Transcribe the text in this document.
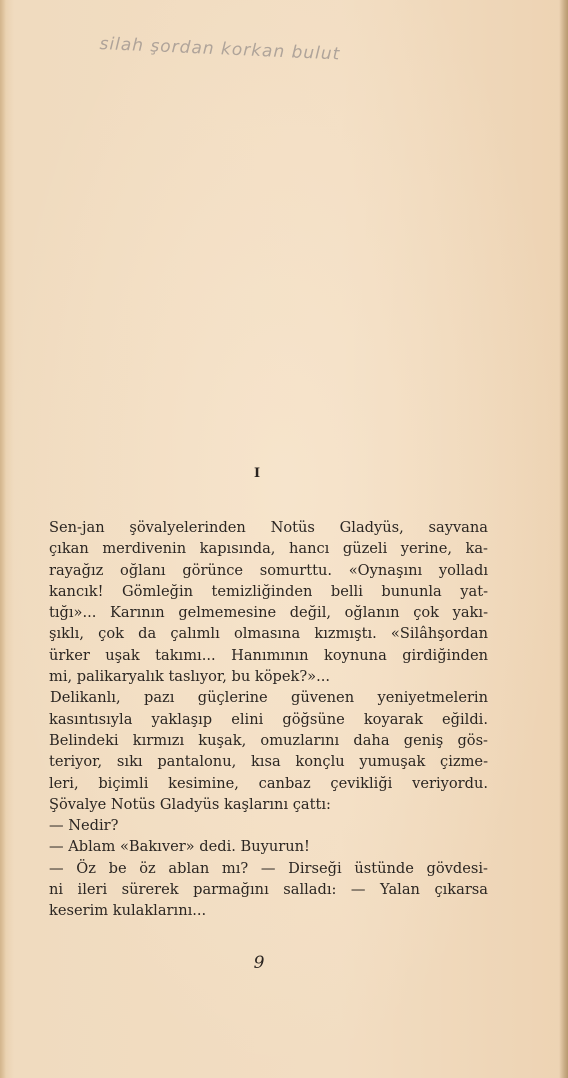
silah şordan korkan bulut
I
Sen-jan şövalyelerinden Notüs Gladyüs, sayvana
çıkan merdivenin kapısında, hancı güzeli yerine, ka-
rayağız oğlanı görünce somurttu. «Oynaşını yolladı
kancık! Gömleğin temizliğinden belli bununla yat-
tığı»... Karının gelmemesine değil, oğlanın çok yakı-
şıklı, çok da çalımlı olmasına kızmıştı. «Silâhşordan
ürker uşak takımı... Hanımının koynuna girdiğinden
mi, palikaryalık taslıyor, bu köpek?»...
Delikanlı, pazı güçlerine güvenen yeniyetmelerin
kasıntısıyla yaklaşıp elini göğsüne koyarak eğildi.
Belindeki kırmızı kuşak, omuzlarını daha geniş gös-
teriyor, sıkı pantalonu, kısa konçlu yumuşak çizme-
leri, biçimli kesimine, canbaz çevikliği veriyordu.
Şövalye Notüs Gladyüs kaşlarını çattı:
— Nedir?
— Ablam «Bakıver» dedi. Buyurun!
— Öz be öz ablan mı? — Dirseği üstünde gövdesi-
ni ileri sürerek parmağını salladı: — Yalan çıkarsa
keserim kulaklarını...
9
